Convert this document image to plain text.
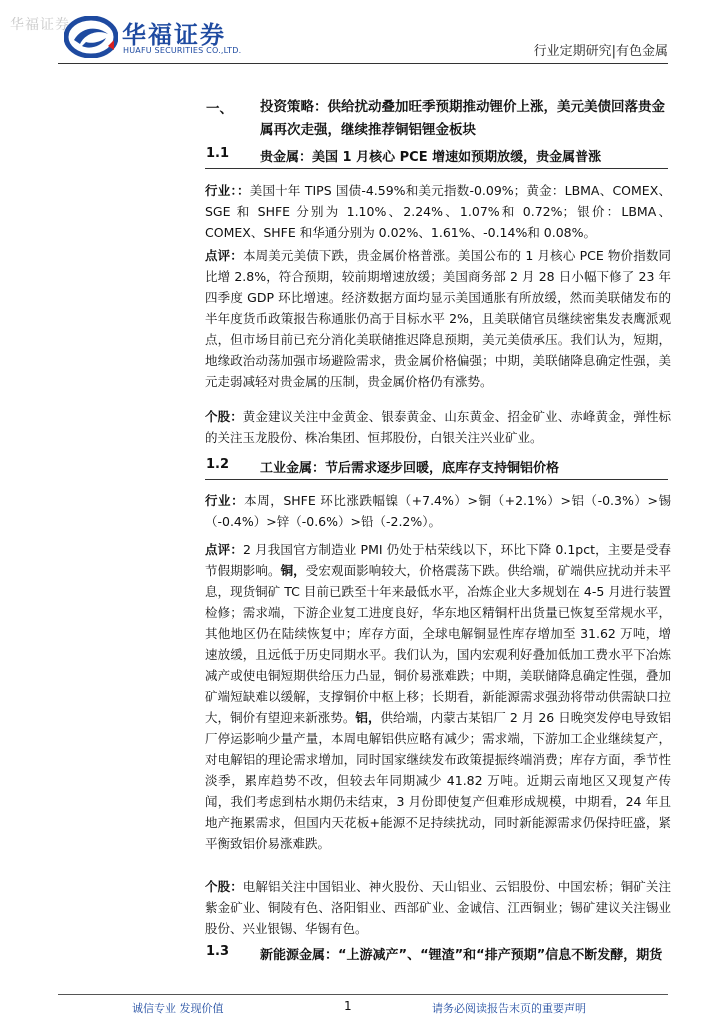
华福证券 华福证券
HUAFU SECURITIES CO.,LTD.	行业定期研究|有色金属
一、 投资策略：供给扰动叠加旺季预期推动锂价上涨，美元美债回落贵金属再次走强，继续推荐铜铝锂金板块
1.1 贵金属：美国 1 月核心 PCE 增速如预期放缓，贵金属普涨
行业：：美国十年 TIPS 国债-4.59%和美元指数-0.09%；黄金：LBMA、COMEX、SGE 和 SHFE 分别为 1.10%、2.24%、1.07%和 0.72%；银价：LBMA、COMEX、SHFE 和华通分别为 0.02%、1.61%、-0.14%和 0.08%。
点评：本周美元美债下跌，贵金属价格普涨。美国公布的 1 月核心 PCE 物价指数同比增 2.8%，符合预期，较前期增速放缓；美国商务部 2 月 28 日小幅下修了 23 年四季度 GDP 环比增速。经济数据方面均显示美国通胀有所放缓，然而美联储发布的半年度货币政策报告称通胀仍高于目标水平 2%，且美联储官员继续密集发表鹰派观点，但市场目前已充分消化美联储推迟降息预期，美元美债承压。我们认为，短期，地缘政治动荡加强市场避险需求，贵金属价格偏强；中期，美联储降息确定性强，美元走弱减轻对贵金属的压制，贵金属价格仍有涨势。
个股：黄金建议关注中金黄金、银泰黄金、山东黄金、招金矿业、赤峰黄金，弹性标的关注玉龙股份、株冶集团、恒邦股份，白银关注兴业矿业。
1.2 工业金属：节后需求逐步回暖，底库存支持铜铝价格
行业：本周，SHFE 环比涨跌幅镍（+7.4%）>铜（+2.1%）>铝（-0.3%）>锡（-0.4%）>锌（-0.6%）>铅（-2.2%）。
点评：2 月我国官方制造业 PMI 仍处于枯荣线以下，环比下降 0.1pct，主要是受春节假期影响。铜，受宏观面影响较大，价格震荡下跌。供给端，矿端供应扰动并未平息，现货铜矿 TC 目前已跌至十年来最低水平，冶炼企业大多规划在 4-5 月进行装置检修；需求端，下游企业复工进度良好，华东地区精铜杆出货量已恢复至常规水平，其他地区仍在陆续恢复中；库存方面，全球电解铜显性库存增加至 31.62 万吨，增速放缓，且远低于历史同期水平。我们认为，国内宏观利好叠加低加工费水平下冶炼减产或使电铜短期供给压力凸显，铜价易涨难跌；中期，美联储降息确定性强，叠加矿端短缺难以缓解，支撑铜价中枢上移；长期看，新能源需求强劲将带动供需缺口拉大，铜价有望迎来新涨势。铝，供给端，内蒙古某铝厂 2 月 26 日晚突发停电导致铝厂停运影响少量产量，本周电解铝供应略有减少；需求端，下游加工企业继续复产，对电解铝的理论需求增加，同时国家继续发布政策提振终端消费；库存方面，季节性淡季，累库趋势不改，但较去年同期减少 41.82 万吨。近期云南地区又现复产传闻，我们考虑到枯水期仍未结束，3 月份即使复产但难形成规模，中期看，24 年且地产拖累需求，但国内天花板+能源不足持续扰动，同时新能源需求仍保持旺盛，紧平衡致铝价易涨难跌。
个股：电解铝关注中国铝业、神火股份、天山铝业、云铝股份、中国宏桥；铜矿关注紫金矿业、铜陵有色、洛阳钼业、西部矿业、金诚信、江西铜业；锡矿建议关注锡业股份、兴业银锡、华锡有色。
1.3 新能源金属：“上游减产”、“锂渣”和“排产预期”信息不断发酵，期货
诚信专业 发现价值	1	请务必阅读报告末页的重要声明
